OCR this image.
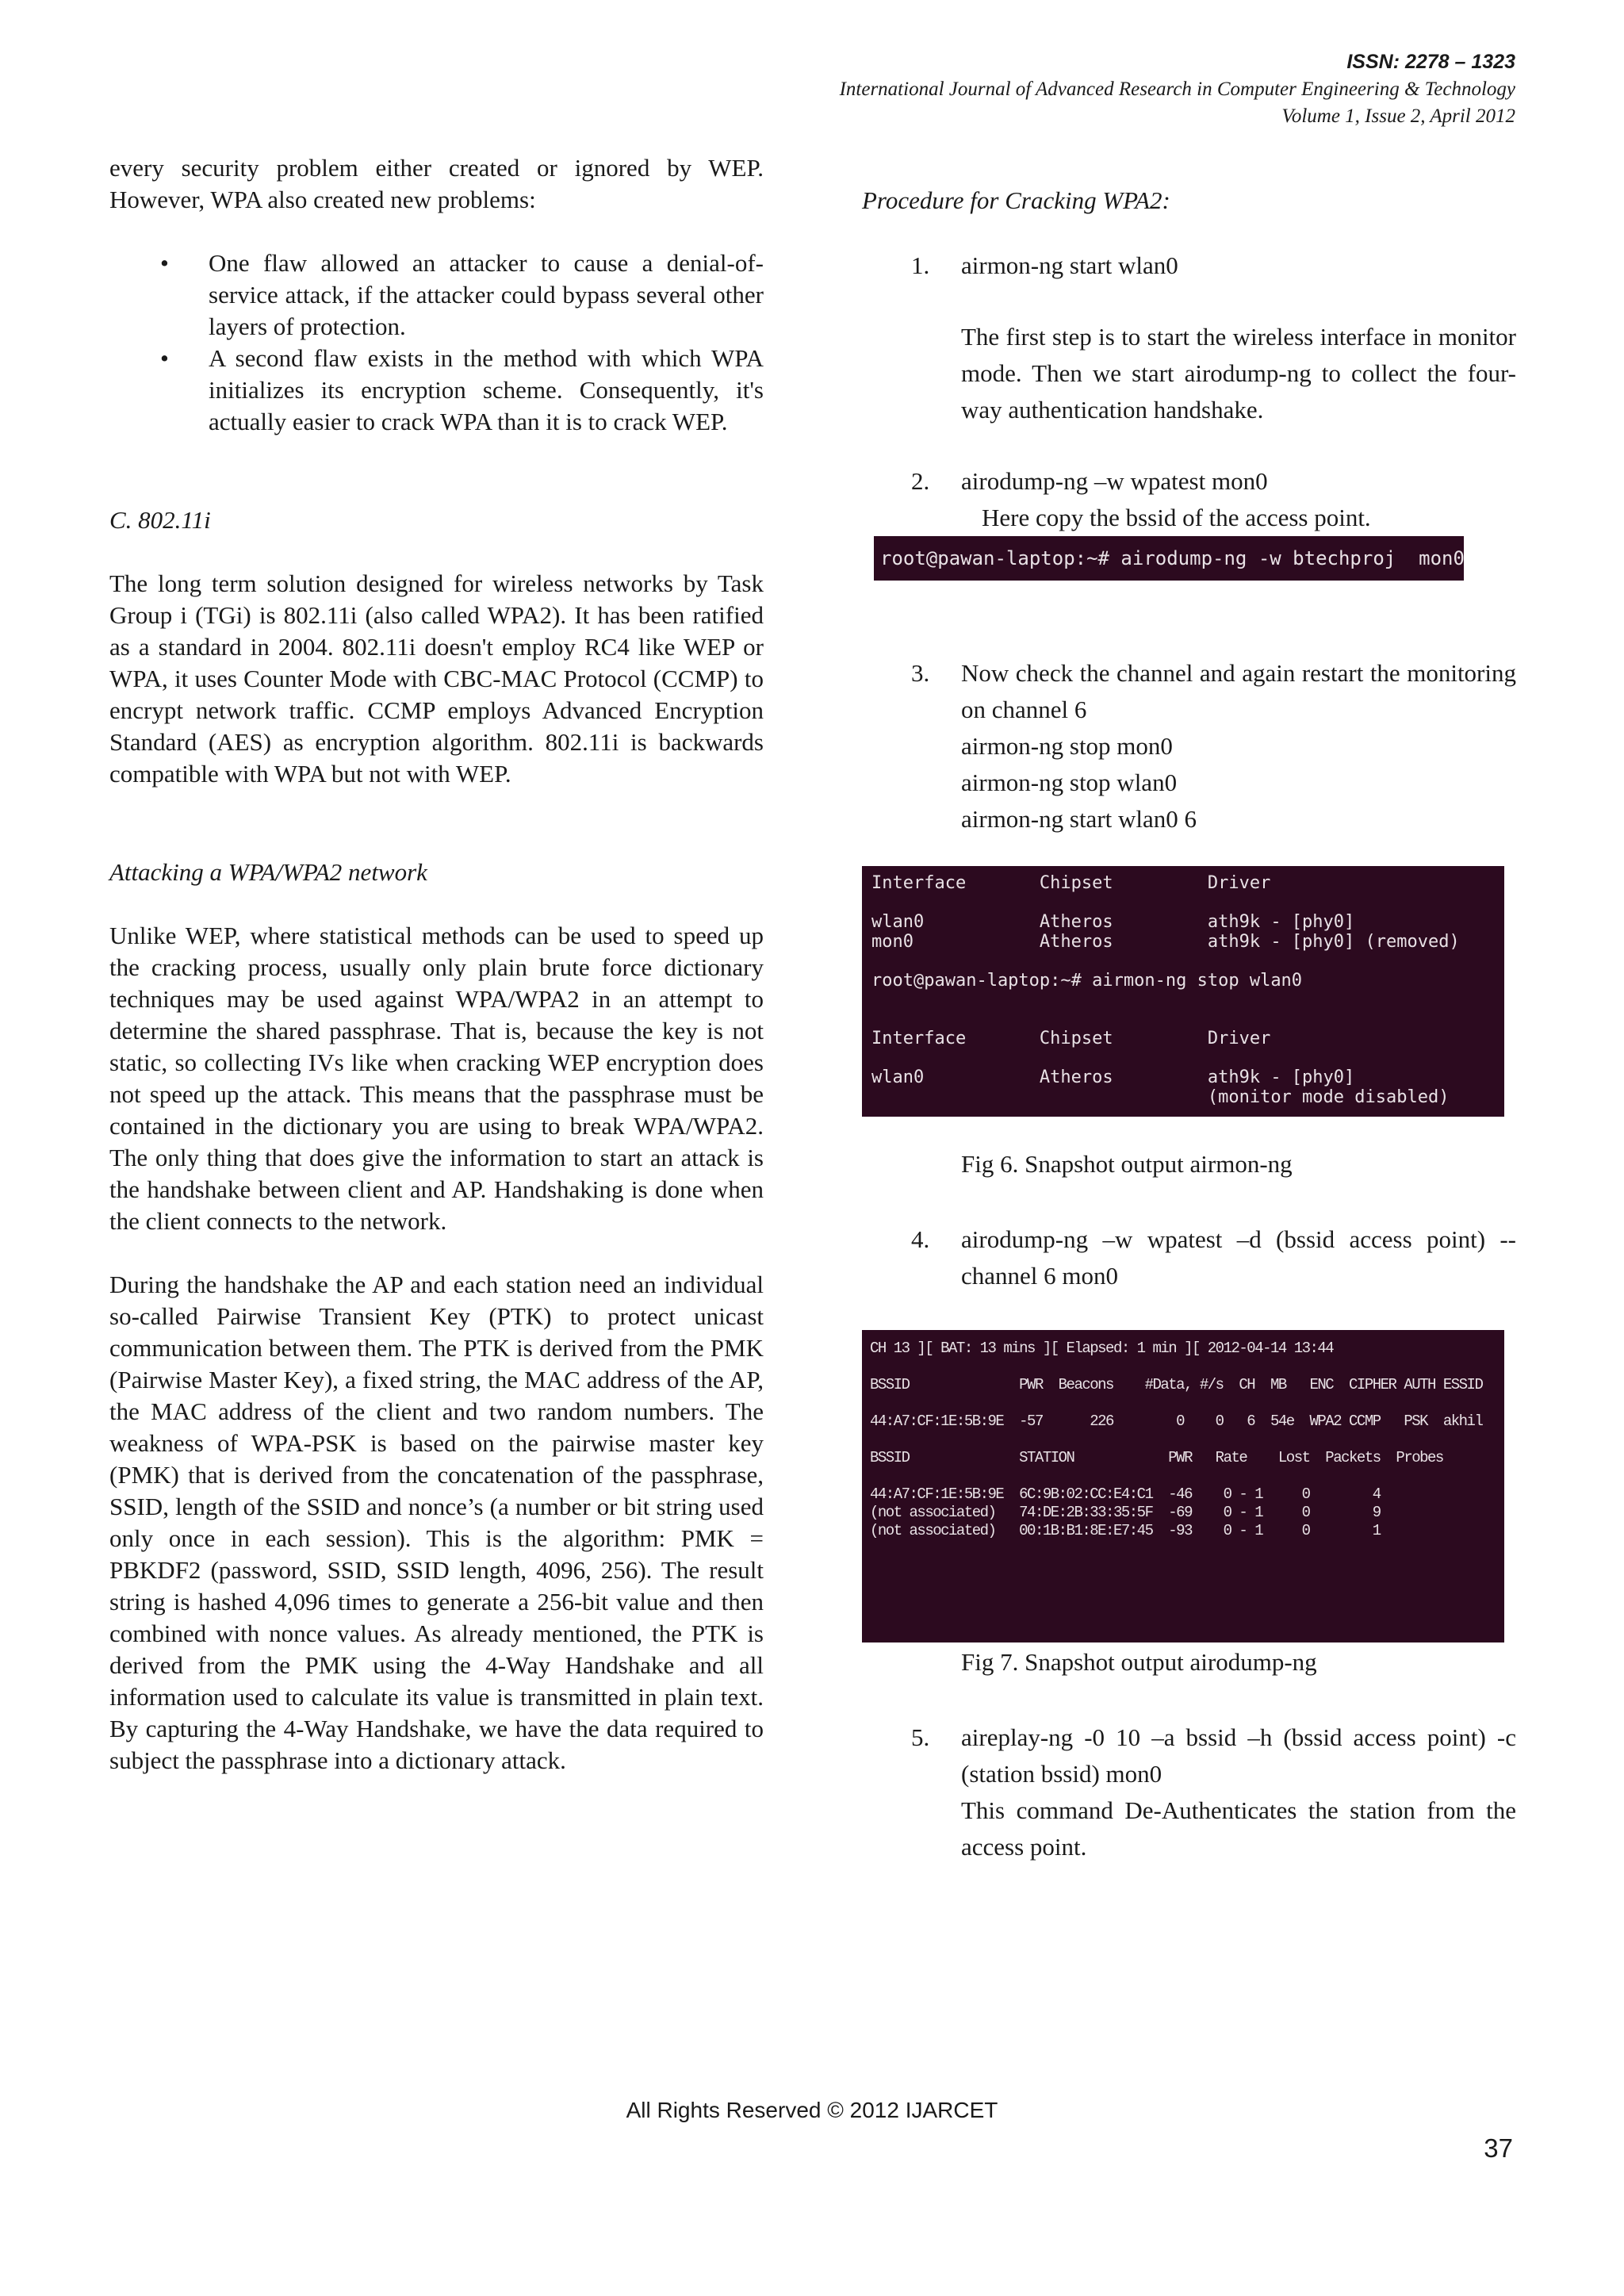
ISSN: 2278 – 1323
International Journal of Advanced Research in Computer Engineering & Technology
Volume 1, Issue 2, April 2012

every security problem either created or ignored by WEP. However, WPA also created new problems:

• One flaw allowed an attacker to cause a denial-of-service attack, if the attacker could bypass several other layers of protection.
• A second flaw exists in the method with which WPA initializes its encryption scheme. Consequently, it's actually easier to crack WPA than it is to crack WEP.

C. 802.11i

The long term solution designed for wireless networks by Task Group i (TGi) is 802.11i (also called WPA2). It has been ratified as a standard in 2004. 802.11i doesn't employ RC4 like WEP or WPA, it uses Counter Mode with CBC-MAC Protocol (CCMP) to encrypt network traffic. CCMP employs Advanced Encryption Standard (AES) as encryption algorithm. 802.11i is backwards compatible with WPA but not with WEP.

Attacking a WPA/WPA2 network

Unlike WEP, where statistical methods can be used to speed up the cracking process, usually only plain brute force dictionary techniques may be used against WPA/WPA2 in an attempt to determine the shared passphrase. That is, because the key is not static, so collecting IVs like when cracking WEP encryption does not speed up the attack. This means that the passphrase must be contained in the dictionary you are using to break WPA/WPA2. The only thing that does give the information to start an attack is the handshake between client and AP. Handshaking is done when the client connects to the network.

During the handshake the AP and each station need an individual so-called Pairwise Transient Key (PTK) to protect unicast communication between them. The PTK is derived from the PMK (Pairwise Master Key), a fixed string, the MAC address of the AP, the MAC address of the client and two random numbers. The weakness of WPA-PSK is based on the pairwise master key (PMK) that is derived from the concatenation of the passphrase, SSID, length of the SSID and nonce’s (a number or bit string used only once in each session). This is the algorithm: PMK = PBKDF2 (password, SSID, SSID length, 4096, 256). The result string is hashed 4,096 times to generate a 256-bit value and then combined with nonce values. As already mentioned, the PTK is derived from the PMK using the 4-Way Handshake and all information used to calculate its value is transmitted in plain text. By capturing the 4-Way Handshake, we have the data required to subject the passphrase into a dictionary attack.

Procedure for Cracking WPA2:

1. airmon-ng start wlan0
The first step is to start the wireless interface in monitor mode. Then we start airodump-ng to collect the four-way authentication handshake.
2. airodump-ng –w wpatest mon0
Here copy the bssid of the access point.
root@pawan-laptop:~# airodump-ng -w btechproj  mon0
3. Now check the channel and again restart the monitoring on channel 6
airmon-ng stop mon0
airmon-ng stop wlan0
airmon-ng start wlan0 6
Interface       Chipset         Driver

wlan0           Atheros         ath9k - [phy0]
mon0            Atheros         ath9k - [phy0] (removed)

root@pawan-laptop:~# airmon-ng stop wlan0

Interface       Chipset         Driver

wlan0           Atheros         ath9k - [phy0]
(monitor mode disabled)
Fig 6. Snapshot output airmon-ng
4. airodump-ng –w wpatest –d (bssid access point) -- channel 6 mon0
CH 13 ][ BAT: 13 mins ][ Elapsed: 1 min ][ 2012-04-14 13:44

BSSID              PWR  Beacons    #Data, #/s  CH  MB   ENC  CIPHER AUTH ESSID

44:A7:CF:1E:5B:9E  -57      226        0    0   6  54e  WPA2 CCMP   PSK  akhil

BSSID              STATION            PWR   Rate    Lost  Packets  Probes

44:A7:CF:1E:5B:9E  6C:9B:02:CC:E4:C1  -46    0 - 1     0        4
(not associated)   74:DE:2B:33:35:5F  -69    0 - 1     0        9
(not associated)   00:1B:B1:8E:E7:45  -93    0 - 1     0        1
Fig 7. Snapshot output airodump-ng
5. aireplay-ng -0 10 –a bssid –h (bssid access point) -c (station bssid) mon0
This command De-Authenticates the station from the access point.
All Rights Reserved © 2012 IJARCET
37
